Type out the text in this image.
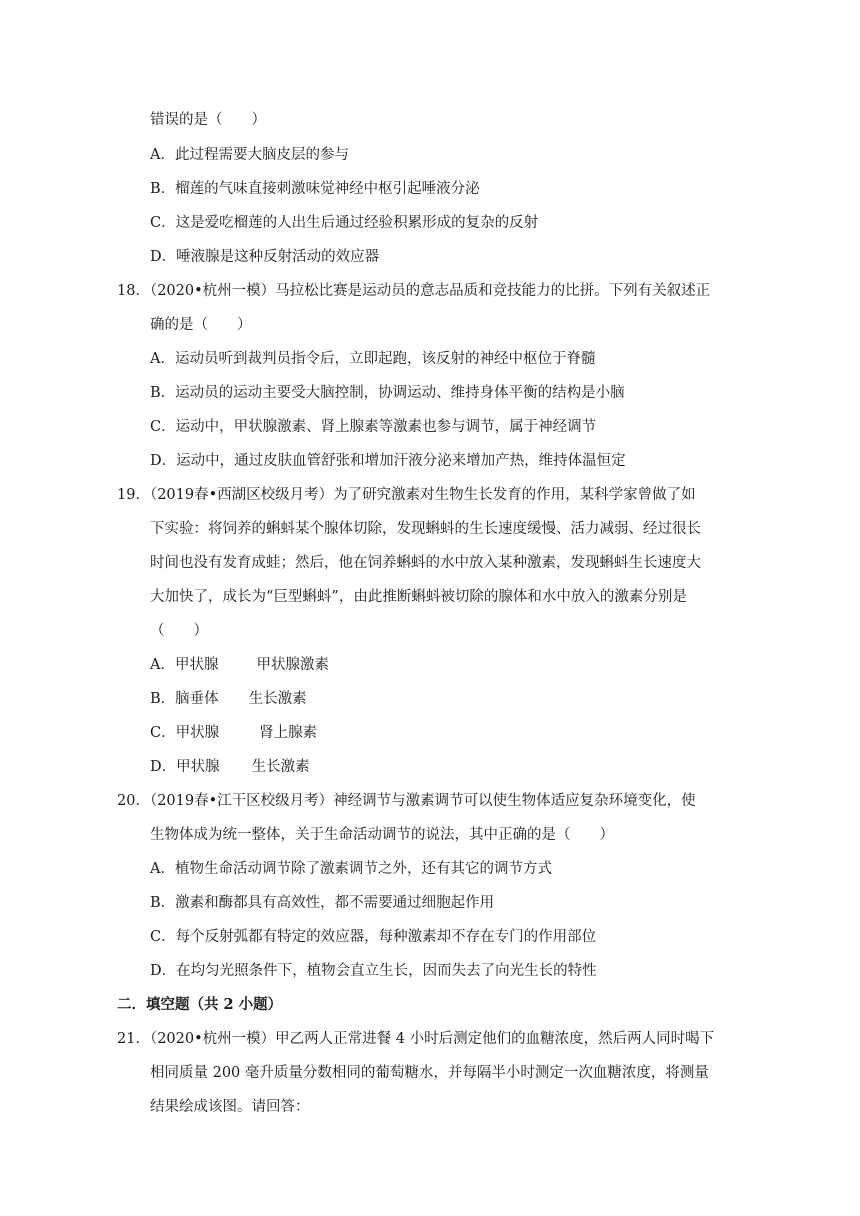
错误的是（　　）
A．此过程需要大脑皮层的参与
B．榴莲的气味直接刺激味觉神经中枢引起唾液分泌
C．这是爱吃榴莲的人出生后通过经验积累形成的复杂的反射
D．唾液腺是这种反射活动的效应器
18．（2020•杭州一模）马拉松比赛是运动员的意志品质和竞技能力的比拼。下列有关叙述正
确的是（　　）
A．运动员听到裁判员指令后，立即起跑，该反射的神经中枢位于脊髓
B．运动员的运动主要受大脑控制，协调运动、维持身体平衡的结构是小脑
C．运动中，甲状腺激素、肾上腺素等激素也参与调节，属于神经调节
D．运动中，通过皮肤血管舒张和增加汗液分泌来增加产热，维持体温恒定
19．（2019春•西湖区校级月考）为了研究激素对生物生长发育的作用，某科学家曾做了如
下实验：将饲养的蝌蚪某个腺体切除，发现蝌蚪的生长速度缓慢、活力减弱、经过很长
时间也没有发育成蛙；然后，他在饲养蝌蚪的水中放入某种激素，发现蝌蚪生长速度大
大加快了，成长为“巨型蝌蚪”，由此推断蝌蚪被切除的腺体和水中放入的激素分别是
（　　）
A．甲状腺	甲状腺激素
B．脑垂体 生长激素
C．甲状腺	肾上腺素
D．甲状腺 生长激素
20．（2019春•江干区校级月考）神经调节与激素调节可以使生物体适应复杂环境变化，使
生物体成为统一整体，关于生命活动调节的说法，其中正确的是（　　）
A．植物生命活动调节除了激素调节之外，还有其它的调节方式
B．激素和酶都具有高效性，都不需要通过细胞起作用
C．每个反射弧都有特定的效应器，每种激素却不存在专门的作用部位
D．在均匀光照条件下，植物会直立生长，因而失去了向光生长的特性
二．填空题（共 2 小题）
21．（2020•杭州一模）甲乙两人正常进餐 4 小时后测定他们的血糖浓度，然后两人同时喝下
相同质量 200 毫升质量分数相同的葡萄糖水，并每隔半小时测定一次血糖浓度，将测量
结果绘成该图。请回答：
